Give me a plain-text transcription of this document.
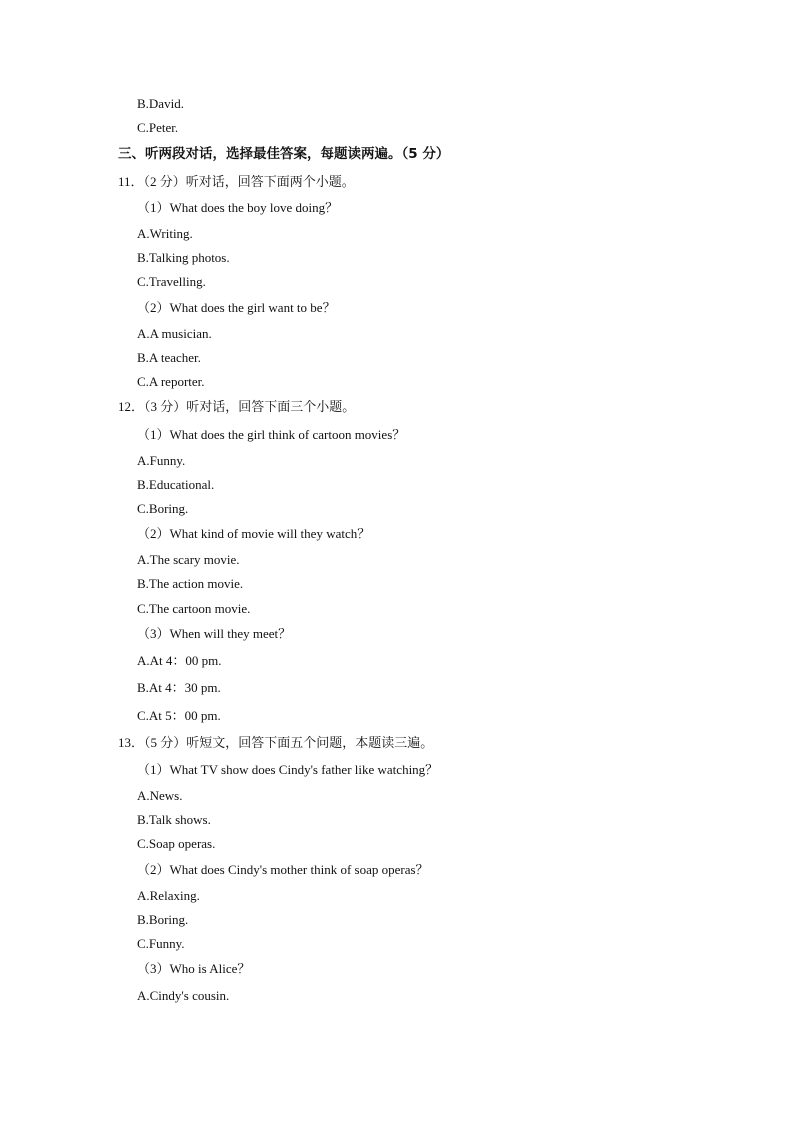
B.David.
C.Peter.
三、听两段对话，选择最佳答案，每题读两遍。（5 分）
11．（2 分）听对话，回答下面两个小题。
（1）What does the boy love doing？
A.Writing.
B.Talking photos.
C.Travelling.
（2）What does the girl want to be？
A.A musician.
B.A teacher.
C.A reporter.
12．（3 分）听对话，回答下面三个小题。
（1）What does the girl think of cartoon movies？
A.Funny.
B.Educational.
C.Boring.
（2）What kind of movie will they watch？
A.The scary movie.
B.The action movie.
C.The cartoon movie.
（3）When will they meet？
A.At 4：00 pm.
B.At 4：30 pm.
C.At 5：00 pm.
13．（5 分）听短文，回答下面五个问题，本题读三遍。
（1）What TV show does Cindy's father like watching？
A.News.
B.Talk shows.
C.Soap operas.
（2）What does Cindy's mother think of soap operas？
A.Relaxing.
B.Boring.
C.Funny.
（3）Who is Alice？
A.Cindy's cousin.
